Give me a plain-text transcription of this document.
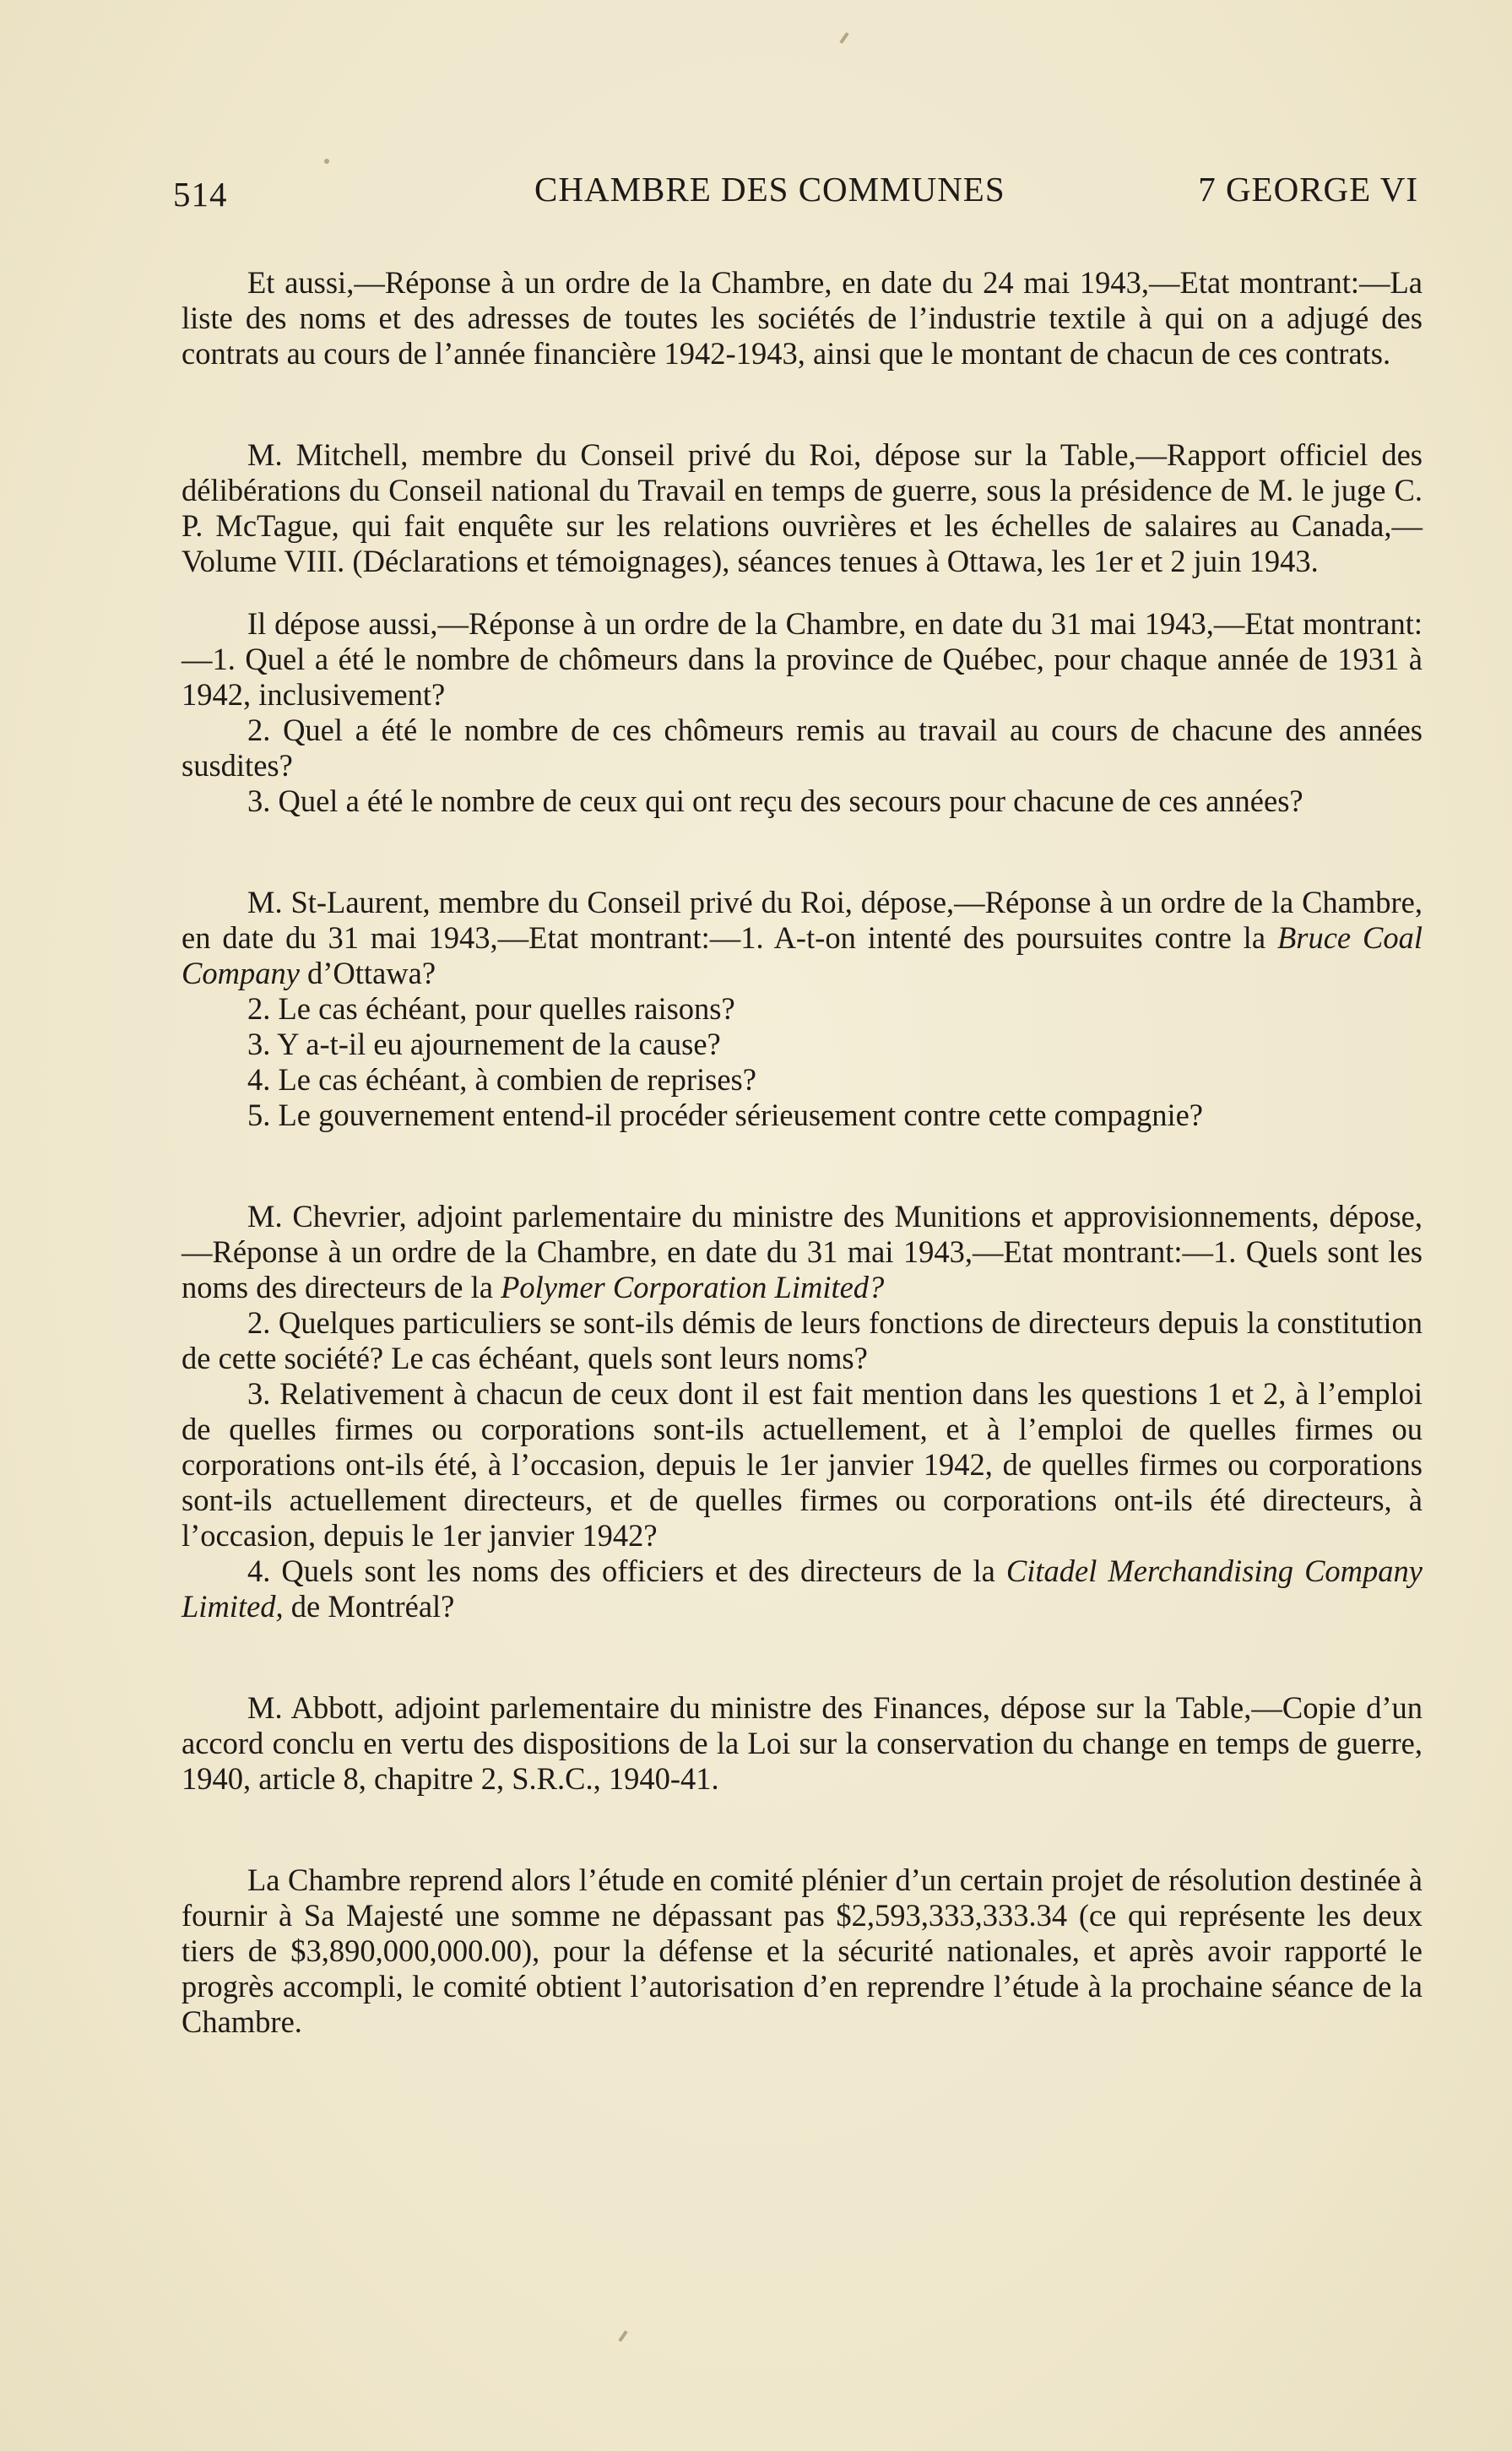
514	CHAMBRE DES COMMUNES	7 GEORGE VI

Et aussi,—Réponse à un ordre de la Chambre, en date du 24 mai 1943,—Etat montrant:—La liste des noms et des adresses de toutes les sociétés de l’industrie textile à qui on a adjugé des contrats au cours de l’année financière 1942-1943, ainsi que le montant de chacun de ces contrats.

M. Mitchell, membre du Conseil privé du Roi, dépose sur la Table,—Rapport officiel des délibérations du Conseil national du Travail en temps de guerre, sous la présidence de M. le juge C. P. McTague, qui fait enquête sur les relations ouvrières et les échelles de salaires au Canada,—Volume VIII. (Déclarations et témoignages), séances tenues à Ottawa, les 1er et 2 juin 1943.

Il dépose aussi,—Réponse à un ordre de la Chambre, en date du 31 mai 1943,—Etat montrant:—1. Quel a été le nombre de chômeurs dans la province de Québec, pour chaque année de 1931 à 1942, inclusivement?

2. Quel a été le nombre de ces chômeurs remis au travail au cours de chacune des années susdites?

3. Quel a été le nombre de ceux qui ont reçu des secours pour chacune de ces années?

M. St-Laurent, membre du Conseil privé du Roi, dépose,—Réponse à un ordre de la Chambre, en date du 31 mai 1943,—Etat montrant:—1. A-t-on intenté des poursuites contre la Bruce Coal Company d’Ottawa?

2. Le cas échéant, pour quelles raisons?

3. Y a-t-il eu ajournement de la cause?

4. Le cas échéant, à combien de reprises?

5. Le gouvernement entend-il procéder sérieusement contre cette compagnie?

M. Chevrier, adjoint parlementaire du ministre des Munitions et approvisionnements, dépose,—Réponse à un ordre de la Chambre, en date du 31 mai 1943,—Etat montrant:—1. Quels sont les noms des directeurs de la Polymer Corporation Limited?

2. Quelques particuliers se sont-ils démis de leurs fonctions de directeurs depuis la constitution de cette société? Le cas échéant, quels sont leurs noms?

3. Relativement à chacun de ceux dont il est fait mention dans les questions 1 et 2, à l’emploi de quelles firmes ou corporations sont-ils actuellement, et à l’emploi de quelles firmes ou corporations ont-ils été, à l’occasion, depuis le 1er janvier 1942, de quelles firmes ou corporations sont-ils actuellement directeurs, et de quelles firmes ou corporations ont-ils été directeurs, à l’occasion, depuis le 1er janvier 1942?

4. Quels sont les noms des officiers et des directeurs de la Citadel Merchandising Company Limited, de Montréal?

M. Abbott, adjoint parlementaire du ministre des Finances, dépose sur la Table,—Copie d’un accord conclu en vertu des dispositions de la Loi sur la conservation du change en temps de guerre, 1940, article 8, chapitre 2, S.R.C., 1940-41.

La Chambre reprend alors l’étude en comité plénier d’un certain projet de résolution destinée à fournir à Sa Majesté une somme ne dépassant pas $2,593,333,333.34 (ce qui représente les deux tiers de $3,890,000,000.00), pour la défense et la sécurité nationales, et après avoir rapporté le progrès accompli, le comité obtient l’autorisation d’en reprendre l’étude à la prochaine séance de la Chambre.
